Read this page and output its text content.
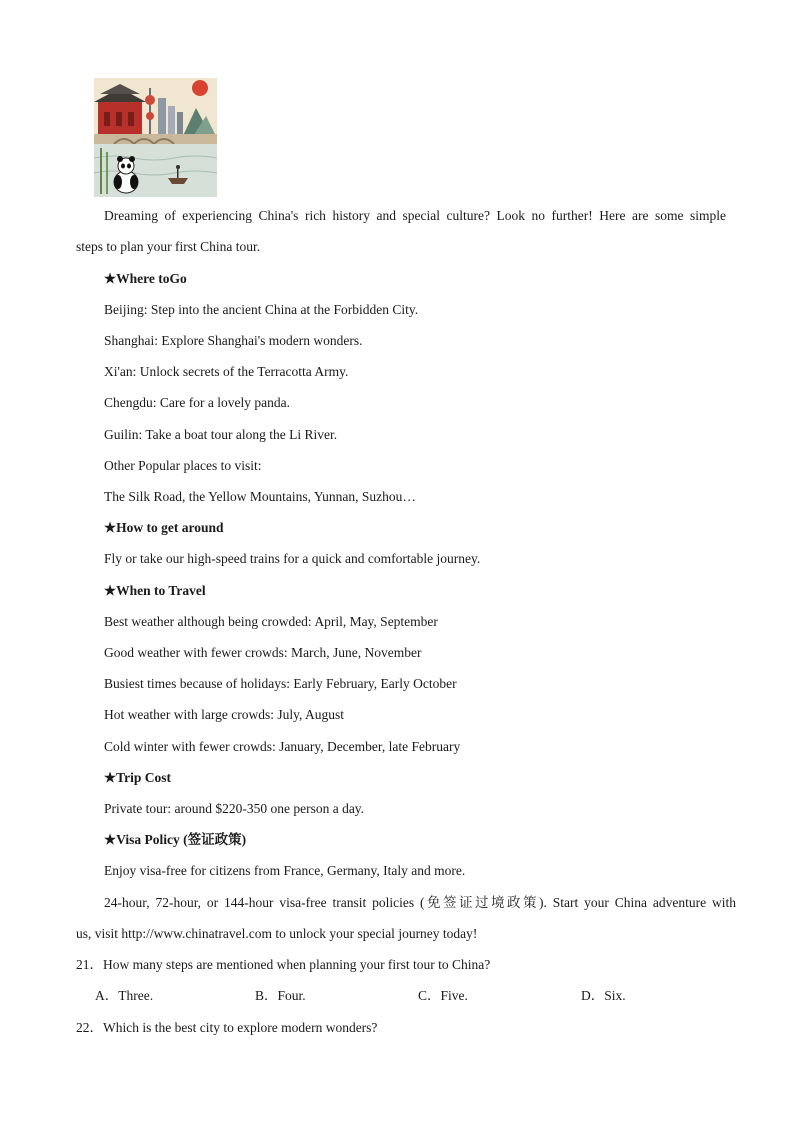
Dreaming of experiencing China's rich history and special culture? Look no further! Here are some simple
steps to plan your first China tour.
★Where toGo
Beijing: Step into the ancient China at the Forbidden City.
Shanghai: Explore Shanghai's modern wonders.
Xi'an: Unlock secrets of the Terracotta Army.
Chengdu: Care for a lovely panda.
Guilin: Take a boat tour along the Li River.
Other Popular places to visit:
The Silk Road, the Yellow Mountains, Yunnan, Suzhou…
★How to get around
Fly or take our high-speed trains for a quick and comfortable journey.
★When to Travel
Best weather although being crowded: April, May, September
Good weather with fewer crowds: March, June, November
Busiest times because of holidays: Early February, Early October
Hot weather with large crowds: July, August
Cold winter with fewer crowds: January, December, late February
★Trip Cost
Private tour: around $220-350 one person a day.
★Visa Policy (签证政策)
Enjoy visa-free for citizens from France, Germany, Italy and more.
24-hour, 72-hour, or 144-hour visa-free transit policies (免签证过境政策). Start your China adventure with
us, visit http://www.chinatravel.com to unlock your special journey today!
21．How many steps are mentioned when planning your first tour to China?
A．Three.	B．Four.	C．Five.	D．Six.
22．Which is the best city to explore modern wonders?
